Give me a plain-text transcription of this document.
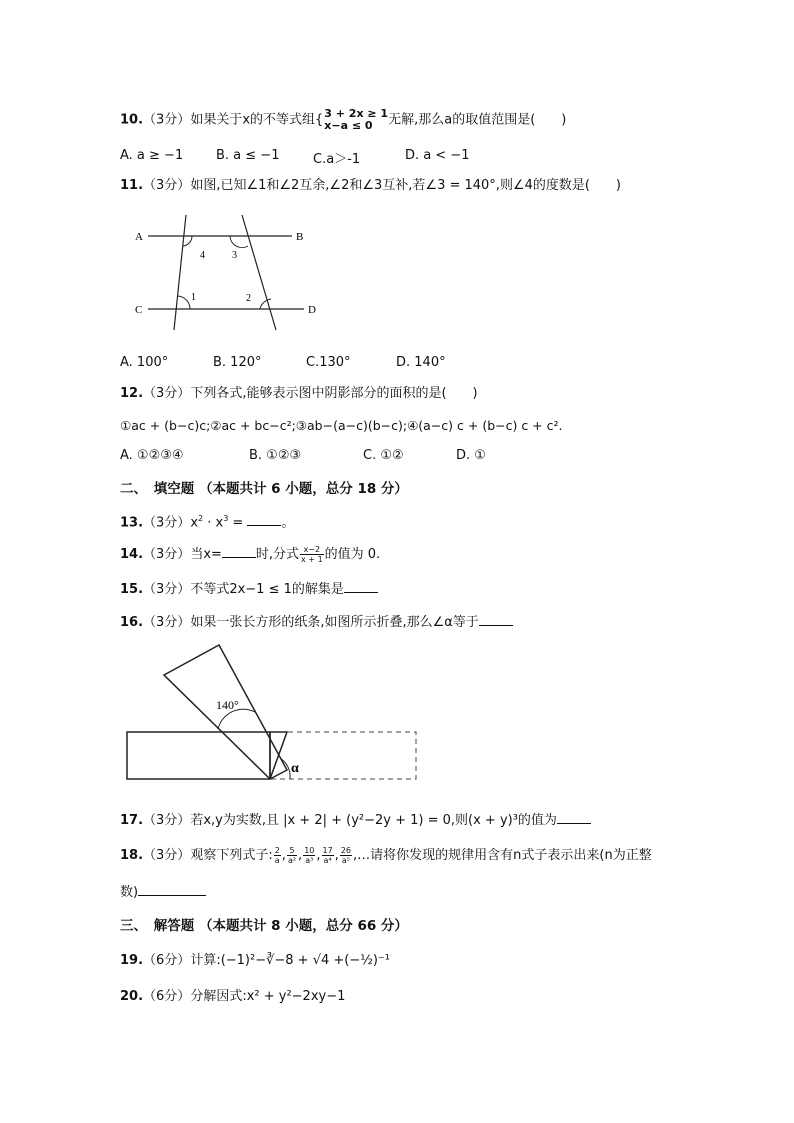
10.（3分）如果关于x的不等式组{ 3 + 2x ≥ 1
x−a ≤ 0	无解,那么a的取值范围是(　　)
A. a ≥ −1	B. a ≤ −1	C.a＞-1	D. a < −1
11.（3分）如图,已知∠1和∠2互余,∠2和∠3互补,若∠3 = 140°,则∠4的度数是(　　)
A	B
C	D
4	3
1	2
A. 100°	B. 120°	C.130°	D. 140°
12.（3分）下列各式,能够表示图中阴影部分的面积的是(　　)
①ac + (b−c)c;②ac + bc−c²;③ab−(a−c)(b−c);④(a−c) c + (b−c) c + c².
A. ①②③④	B. ①②③	C. ①②	D. ①
二、　填空题 （本题共计 6 小题，总分 18 分）
13.（3分）$x^2 \cdot x^3$ =	。
14.（3分）当x=	时,分式 $\frac{x-2}{x + 1}$ 的值为 0.
15.（3分）不等式2x−1 ≤ 1的解集是
16.（3分）如果一张长方形的纸条,如图所示折叠,那么∠α等于
140°
α
17.（3分）若x,y为实数,且 |x + 2| + (y²−2y + 1) = 0,则(x + y)³的值为
18.（3分）观察下列式子: $\frac{2}{a}$ , $\frac{5}{\text{a²}}$ , $\frac{10}{\text{a³}}$ , $\frac{17}{\text{a⁴}}$ , $\frac{26}{\text{a⁵}}$ ,…请将你发现的规律用含有n式子表示出来(n为正整
数)
三、　解答题 （本题共计 8 小题，总分 66 分）
19.（6分）计算:(−1)²−∛−8 + √4 +(−½)⁻¹
20.（6分）分解因式:x² + y²−2xy−1
